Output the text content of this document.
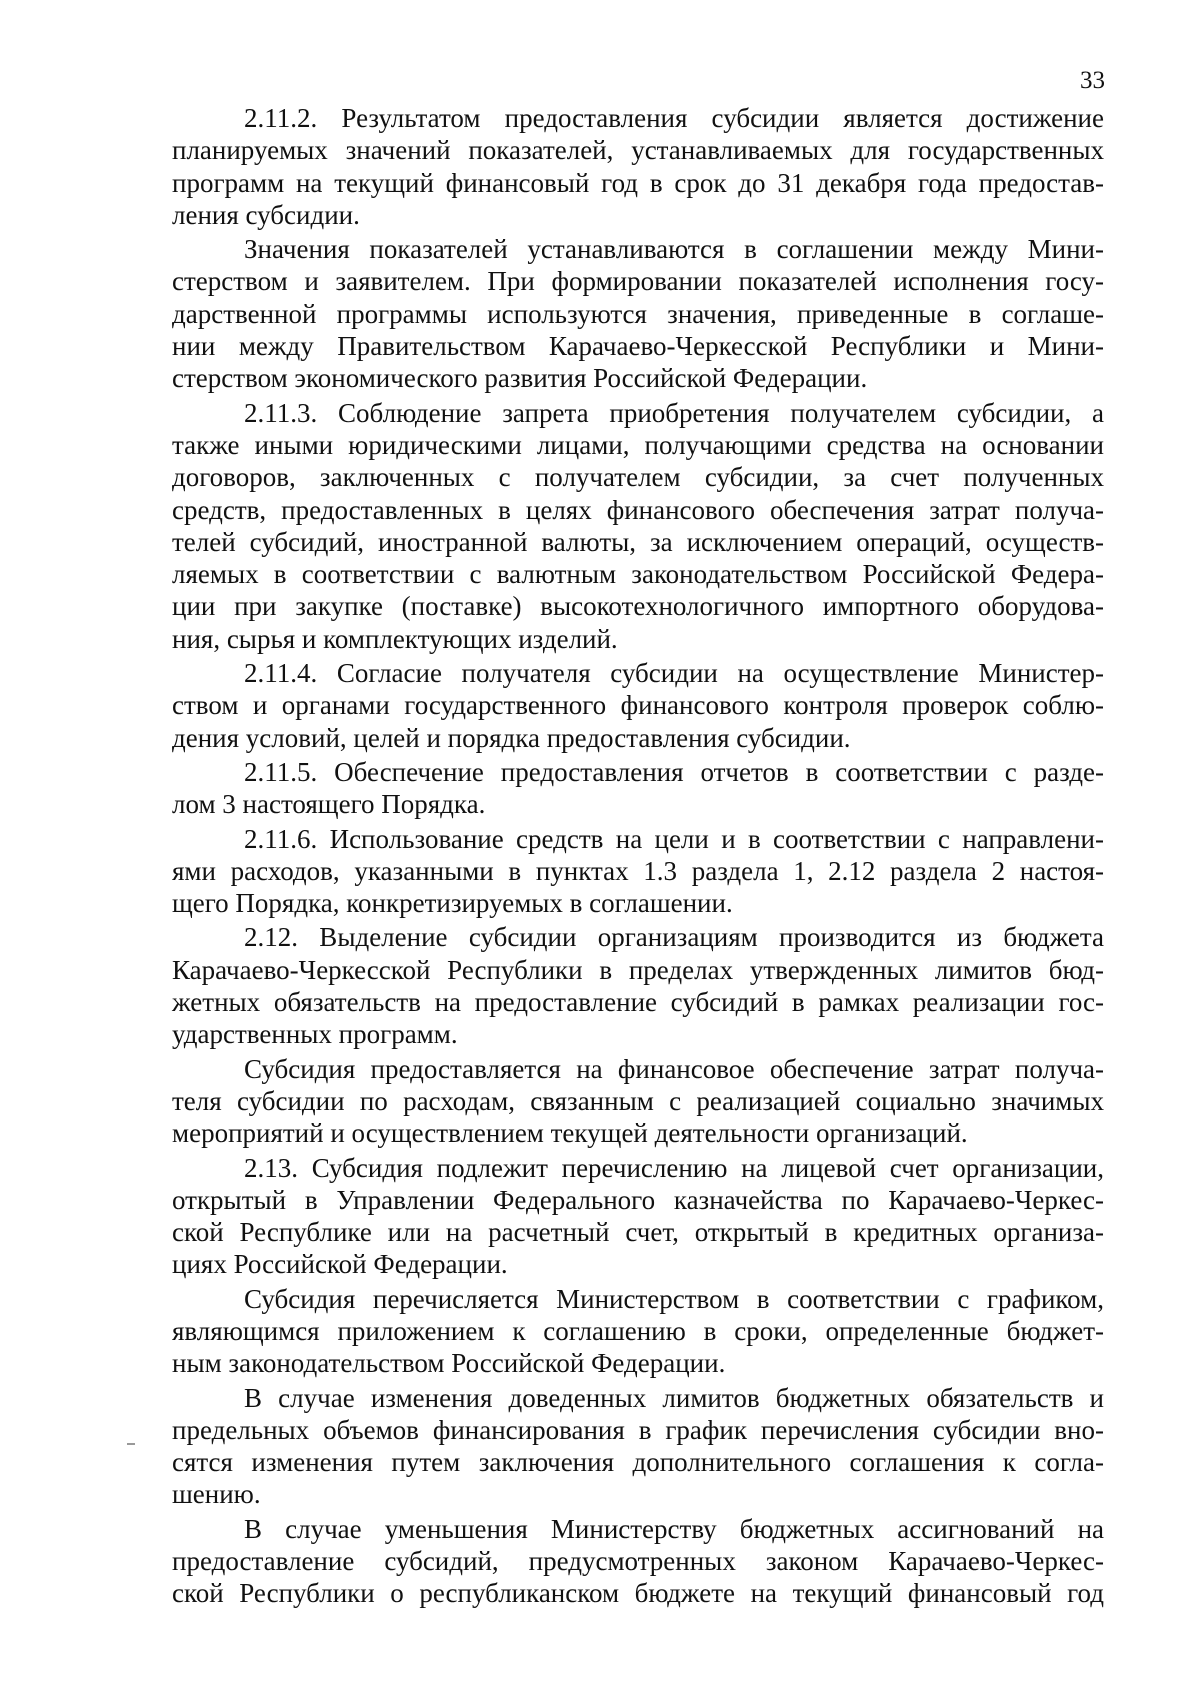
33

2.11.2. Результатом предоставления субсидии является достижение
планируемых значений показателей, устанавливаемых для государственных
программ на текущий финансовый год в срок до 31 декабря года предостав-
ления субсидии.

Значения показателей устанавливаются в соглашении между Мини-
стерством и заявителем. При формировании показателей исполнения госу-
дарственной программы используются значения, приведенные в соглаше-
нии между Правительством Карачаево-Черкесской Республики и Мини-
стерством экономического развития Российской Федерации.

2.11.3. Соблюдение запрета приобретения получателем субсидии, а
также иными юридическими лицами, получающими средства на основании
договоров, заключенных с получателем субсидии, за счет полученных
средств, предоставленных в целях финансового обеспечения затрат получа-
телей субсидий, иностранной валюты, за исключением операций, осуществ-
ляемых в соответствии с валютным законодательством Российской Федера-
ции при закупке (поставке) высокотехнологичного импортного оборудова-
ния, сырья и комплектующих изделий.

2.11.4. Согласие получателя субсидии на осуществление Министер-
ством и органами государственного финансового контроля проверок соблю-
дения условий, целей и порядка предоставления субсидии.

2.11.5. Обеспечение предоставления отчетов в соответствии с разде-
лом 3 настоящего Порядка.

2.11.6. Использование средств на цели и в соответствии с направлени-
ями расходов, указанными в пунктах 1.3 раздела 1, 2.12 раздела 2 настоя-
щего Порядка, конкретизируемых в соглашении.

2.12. Выделение субсидии организациям производится из бюджета
Карачаево-Черкесской Республики в пределах утвержденных лимитов бюд-
жетных обязательств на предоставление субсидий в рамках реализации гос-
ударственных программ.

Субсидия предоставляется на финансовое обеспечение затрат получа-
теля субсидии по расходам, связанным с реализацией социально значимых
мероприятий и осуществлением текущей деятельности организаций.

2.13. Субсидия подлежит перечислению на лицевой счет организации,
открытый в Управлении Федерального казначейства по Карачаево-Черкес-
ской Республике или на расчетный счет, открытый в кредитных организа-
циях Российской Федерации.

Субсидия перечисляется Министерством в соответствии с графиком,
являющимся приложением к соглашению в сроки, определенные бюджет-
ным законодательством Российской Федерации.

В случае изменения доведенных лимитов бюджетных обязательств и
предельных объемов финансирования в график перечисления субсидии вно-
сятся изменения путем заключения дополнительного соглашения к согла-
шению.

В случае уменьшения Министерству бюджетных ассигнований на
предоставление субсидий, предусмотренных законом Карачаево-Черкес-
ской Республики о республиканском бюджете на текущий финансовый год
